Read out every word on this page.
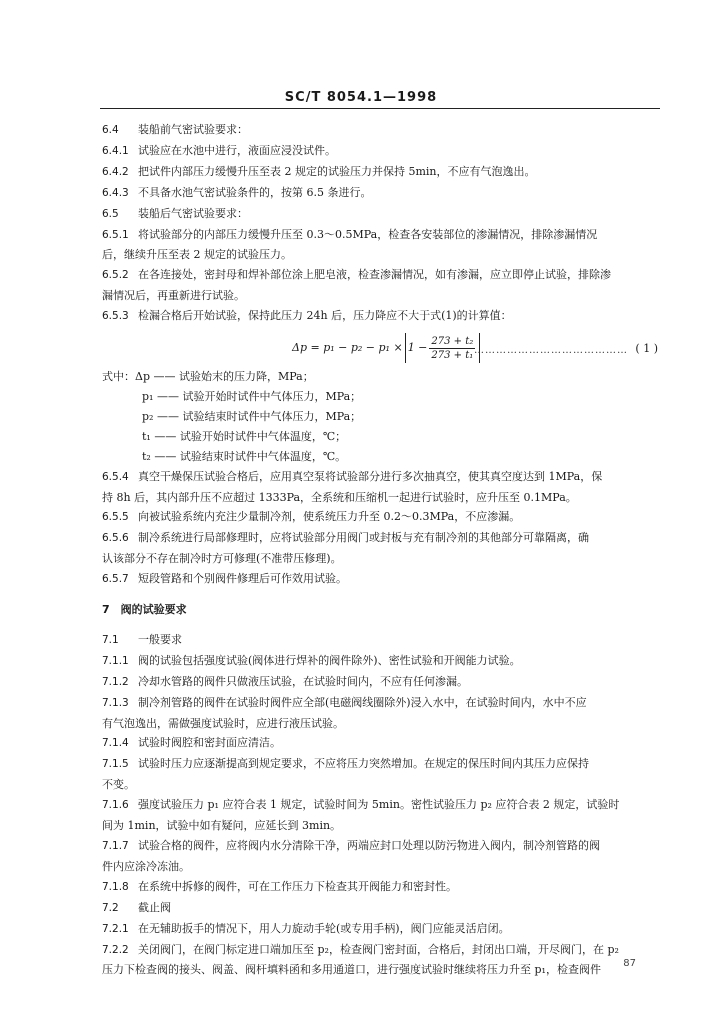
SC/T 8054.1—1998

6.4 装船前气密试验要求：

6.4.1 试验应在水池中进行，液面应浸没试件。

6.4.2 把试件内部压力缓慢升压至表 2 规定的试验压力并保持 5min，不应有气泡逸出。

6.4.3 不具备水池气密试验条件的，按第 6.5 条进行。

6.5 装船后气密试验要求：

6.5.1 将试验部分的内部压力缓慢升压至 0.3～0.5MPa，检查各安装部位的渗漏情况，排除渗漏情况

后，继续升压至表 2 规定的试验压力。

6.5.2 在各连接处，密封母和焊补部位涂上肥皂液，检查渗漏情况，如有渗漏，应立即停止试验，排除渗

漏情况后，再重新进行试验。

6.5.3 检漏合格后开始试验，保持此压力 24h 后，压力降应不大于式(1)的计算值：

$\Delta p = p_1 - p_2 - p_1 \times 1 - \frac{\text{273 + t₂}}{\text{273 + t₁}}$
…………………………………… ( 1 )

式中：Δp —— 试验始末的压力降，MPa；

p₁ —— 试验开始时试件中气体压力，MPa；

p₂ —— 试验结束时试件中气体压力，MPa；

t₁ —— 试验开始时试件中气体温度，℃；

t₂ —— 试验结束时试件中气体温度，℃。

6.5.4 真空干燥保压试验合格后，应用真空泵将试验部分进行多次抽真空，使其真空度达到 1MPa，保

持 8h 后，其内部升压不应超过 1333Pa，全系统和压缩机一起进行试验时，应升压至 0.1MPa。

6.5.5 向被试验系统内充注少量制冷剂，使系统压力升至 0.2～0.3MPa，不应渗漏。

6.5.6 制冷系统进行局部修理时，应将试验部分用阀门或封板与充有制冷剂的其他部分可靠隔离，确

认该部分不存在制冷时方可修理(不准带压修理)。

6.5.7 短段管路和个别阀件修理后可作效用试验。

7　阀的试验要求

7.1 一般要求

7.1.1 阀的试验包括强度试验(阀体进行焊补的阀件除外)、密性试验和开阀能力试验。

7.1.2 冷却水管路的阀件只做液压试验，在试验时间内，不应有任何渗漏。

7.1.3 制冷剂管路的阀件在试验时阀件应全部(电磁阀线圈除外)浸入水中，在试验时间内，水中不应

有气泡逸出，需做强度试验时，应进行液压试验。

7.1.4 试验时阀腔和密封面应清洁。

7.1.5 试验时压力应逐渐提高到规定要求，不应将压力突然增加。在规定的保压时间内其压力应保持

不变。

7.1.6 强度试验压力 p₁ 应符合表 1 规定，试验时间为 5min。密性试验压力 p₂ 应符合表 2 规定，试验时

间为 1min，试验中如有疑问，应延长到 3min。

7.1.7 试验合格的阀件，应将阀内水分清除干净，两端应封口处理以防污物进入阀内，制冷剂管路的阀

件内应涂冷冻油。

7.1.8 在系统中拆修的阀件，可在工作压力下检查其开阀能力和密封性。

7.2 截止阀

7.2.1 在无辅助扳手的情况下，用人力旋动手轮(或专用手柄)，阀门应能灵活启闭。

7.2.2 关闭阀门，在阀门标定进口端加压至 p₂，检查阀门密封面，合格后，封闭出口端，开尽阀门，在 p₂

压力下检查阀的接头、阀盖、阀杆填料函和多用通道口，进行强度试验时继续将压力升至 p₁，检查阀件	87
